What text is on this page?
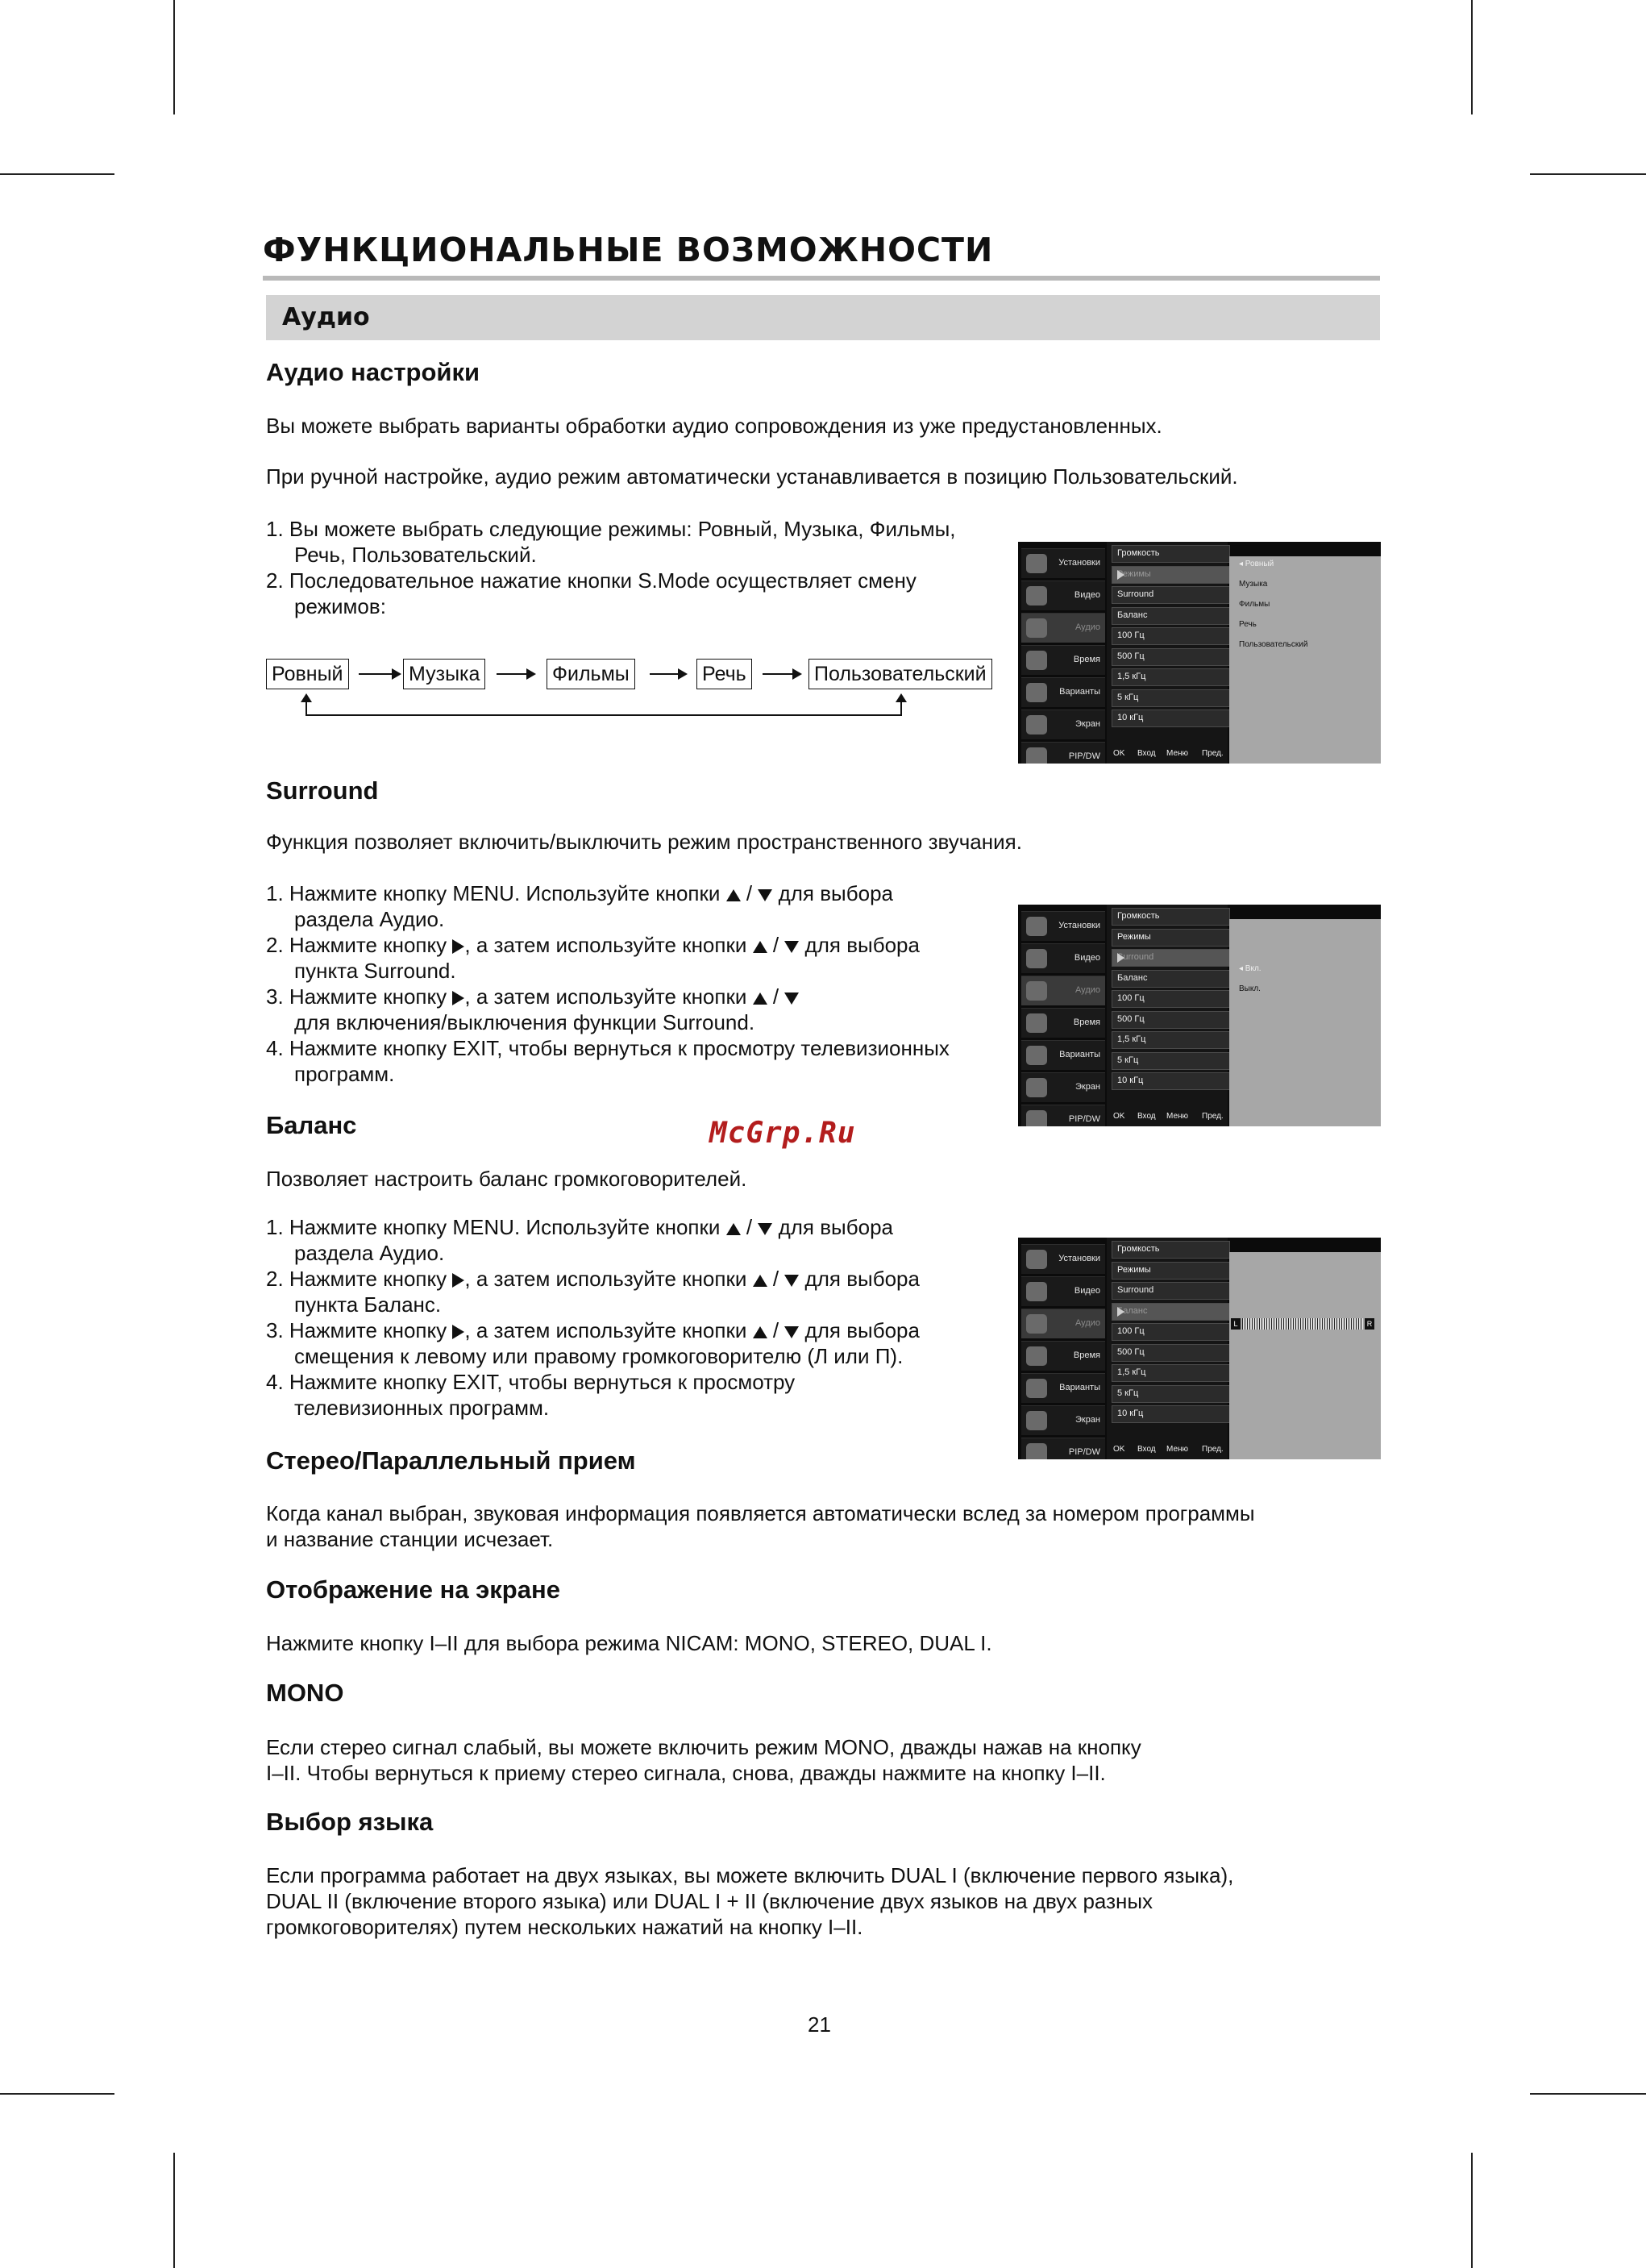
ФУНКЦИОНАЛЬНЫЕ ВОЗМОЖНОСТИ
Аудио
Аудио настройки
Вы можете выбрать варианты обработки аудио сопровождения из уже предустановленных.
При ручной настройке, аудио режим автоматически устанавливается в позицию Пользовательский.
1. Вы можете выбрать следующие режимы: Ровный, Музыка, Фильмы,
Речь, Пользовательский.
2. Последовательное нажатие кнопки S.Mode осуществляет смену
режимов:
Ровный	Музыка	Фильмы	Речь	Пользовательский
Установки
Видео
Аудио
Время
Варианты
Экран
PIP/DW
Громкость
Режимы
Surround
Баланс
100 Гц
500 Гц
1,5 кГц
5 кГц
10 кГц
◂ Ровный
Музыка
Фильмы
Речь
Пользовательский
OK Вход Меню Пред.
Surround
Функция позволяет включить/выключить режим пространственного звучания.
1. Нажмите кнопку MENU. Используйте кнопки / для выбора
раздела Аудио.
2. Нажмите кнопку , а затем используйте кнопки / для выбора
пункта Surround.
3. Нажмите кнопку , а затем используйте кнопки /
для включения/выключения функции Surround.
4. Нажмите кнопку EXIT, чтобы вернуться к просмотру телевизионных
программ.
Установки
Видео
Аудио
Время
Варианты
Экран
PIP/DW
Громкость
Режимы
Surround
Баланс
100 Гц
500 Гц
1,5 кГц
5 кГц
10 кГц
◂ Вкл.
Выкл.
OK Вход Меню Пред.
McGrp.Ru
Баланс
Позволяет настроить баланс громкоговорителей.
1. Нажмите кнопку MENU. Используйте кнопки / для выбора
раздела Аудио.
2. Нажмите кнопку , а затем используйте кнопки / для выбора
пункта Баланс.
3. Нажмите кнопку , а затем используйте кнопки / для выбора
смещения к левому или правому громкоговорителю (Л или П).
4. Нажмите кнопку EXIT, чтобы вернуться к просмотру
телевизионных программ.
Установки
Видео
Аудио
Время
Варианты
Экран
PIP/DW
Громкость
Режимы
Surround
Баланс
100 Гц
500 Гц
1,5 кГц
5 кГц
10 кГц
L	R
OK Вход Меню Пред.
Стерео/Параллельный прием
Когда канал выбран, звуковая информация появляется автоматически вслед за номером программы
и название станции исчезает.
Отображение на экране
Нажмите кнопку I–II для выбора режима NICAM: MONO, STEREO, DUAL I.
MONO
Если стерео сигнал слабый, вы можете включить режим MONO, дважды нажав на кнопку
I–II. Чтобы вернуться к приему стерео сигнала, снова, дважды нажмите на кнопку I–II.
Выбор языка
Если программа работает на двух языках, вы можете включить DUAL I (включение первого языка),
DUAL II (включение второго языка) или DUAL I + II (включение двух языков на двух разных
громкоговорителях) путем нескольких нажатий на кнопку I–II.
21
